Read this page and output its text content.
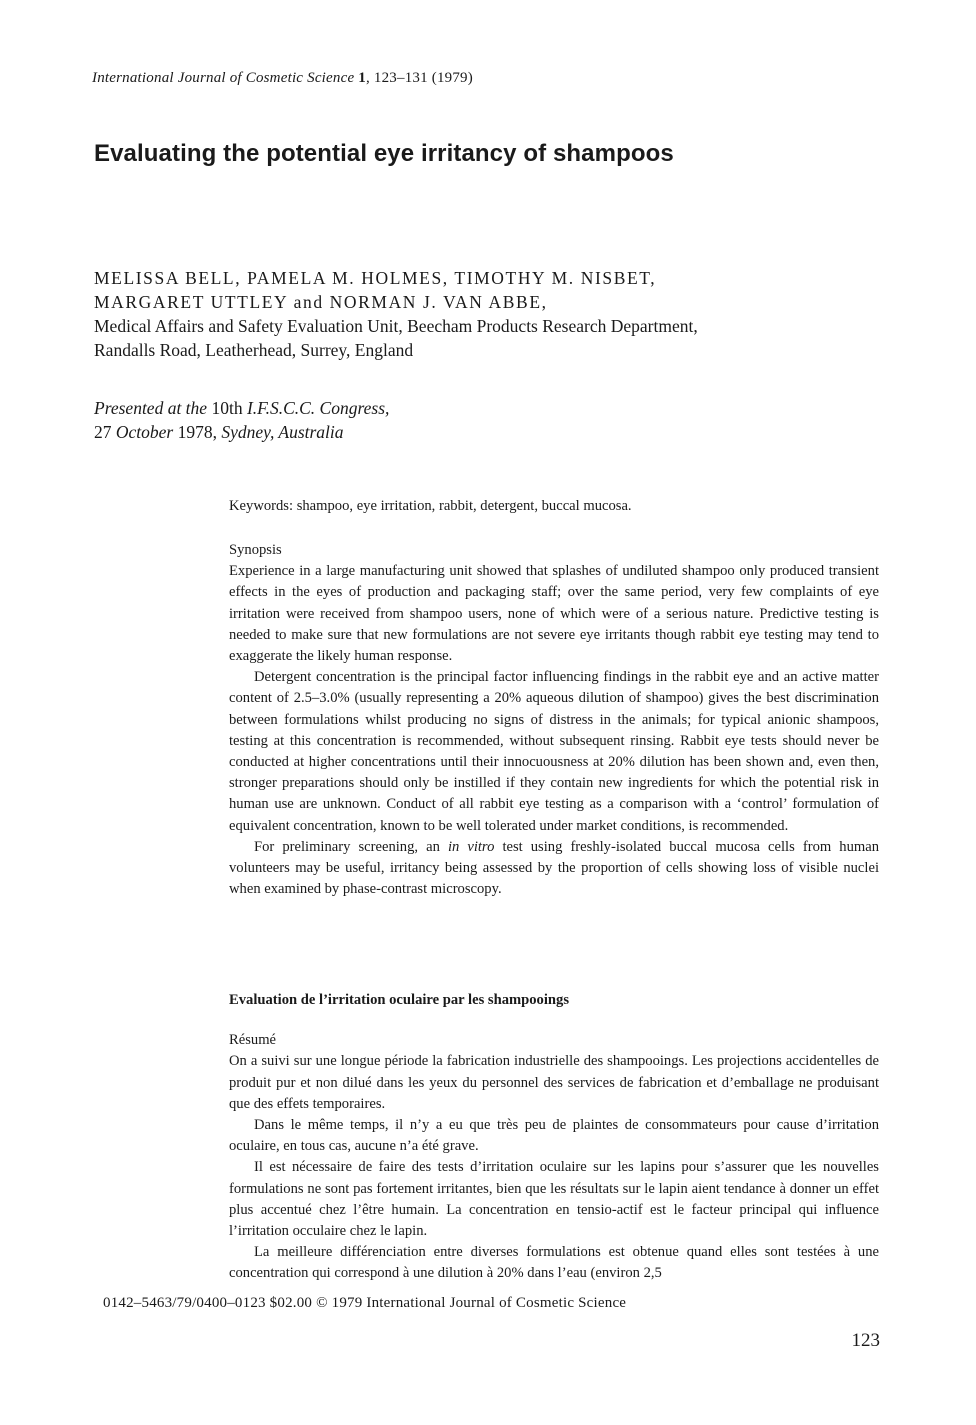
International Journal of Cosmetic Science 1, 123–131 (1979)
Evaluating the potential eye irritancy of shampoos
MELISSA BELL, PAMELA M. HOLMES, TIMOTHY M. NISBET,
MARGARET UTTLEY and NORMAN J. VAN ABBE,
Medical Affairs and Safety Evaluation Unit, Beecham Products Research Department,
Randalls Road, Leatherhead, Surrey, England
Presented at the 10th I.F.S.C.C. Congress,
27 October 1978, Sydney, Australia
Keywords: shampoo, eye irritation, rabbit, detergent, buccal mucosa.
Synopsis

Experience in a large manufacturing unit showed that splashes of undiluted shampoo only produced transient effects in the eyes of production and packaging staff; over the same period, very few complaints of eye irritation were received from shampoo users, none of which were of a serious nature. Predictive testing is needed to make sure that new formulations are not severe eye irritants though rabbit eye testing may tend to exaggerate the likely human response.

Detergent concentration is the principal factor influencing findings in the rabbit eye and an active matter content of 2.5–3.0% (usually representing a 20% aqueous dilution of shampoo) gives the best discrimination between formulations whilst producing no signs of distress in the animals; for typical anionic shampoos, testing at this concentration is recommended, without subsequent rinsing. Rabbit eye tests should never be conducted at higher concentrations until their innocuousness at 20% dilution has been shown and, even then, stronger preparations should only be instilled if they contain new ingredients for which the potential risk in human use are unknown. Conduct of all rabbit eye testing as a comparison with a ‘control’ formulation of equivalent concentration, known to be well tolerated under market conditions, is recommended.

For preliminary screening, an in vitro test using freshly-isolated buccal mucosa cells from human volunteers may be useful, irritancy being assessed by the proportion of cells showing loss of visible nuclei when examined by phase-contrast microscopy.

Evaluation de l’irritation oculaire par les shampooings
Résumé

On a suivi sur une longue période la fabrication industrielle des shampooings. Les projections accidentelles de produit pur et non dilué dans les yeux du personnel des services de fabrication et d’emballage ne produisant que des effets temporaires.

Dans le même temps, il n’y a eu que très peu de plaintes de consommateurs pour cause d’irritation oculaire, en tous cas, aucune n’a été grave.

Il est nécessaire de faire des tests d’irritation oculaire sur les lapins pour s’assurer que les nouvelles formulations ne sont pas fortement irritantes, bien que les résultats sur le lapin aient tendance à donner un effet plus accentué chez l’être humain. La concentration en tensio-actif est le facteur principal qui influence l’irritation occulaire chez le lapin.

La meilleure différenciation entre diverses formulations est obtenue quand elles sont testées à une concentration qui correspond à une dilution à 20% dans l’eau (environ 2,5

0142–5463/79/0400–0123 $02.00 © 1979 International Journal of Cosmetic Science
123
